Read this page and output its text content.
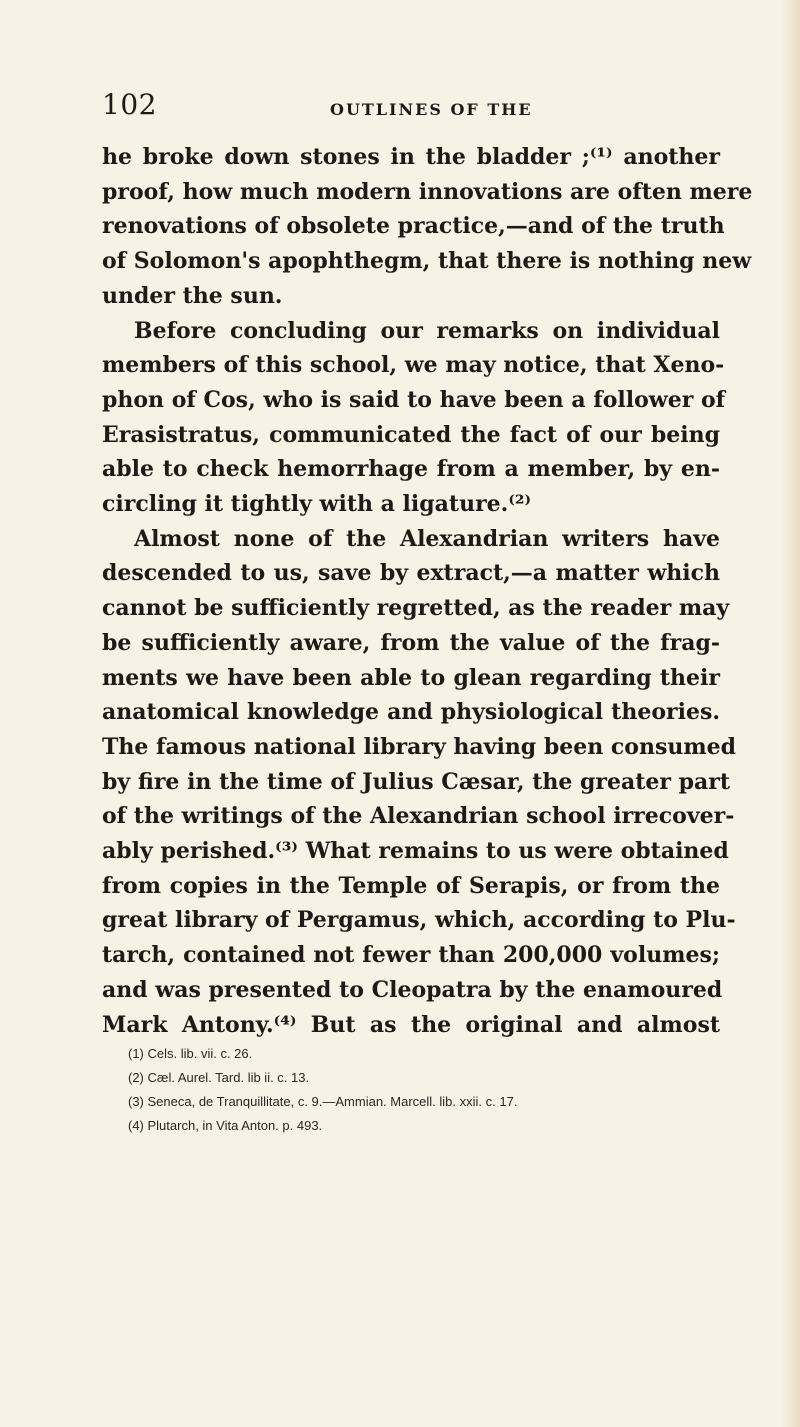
102	OUTLINES OF THE
he broke down stones in the bladder ;⁽¹⁾ another
proof, how much modern innovations are often mere
renovations of obsolete practice,—and of the truth
of Solomon's apophthegm, that there is nothing new
under the sun.
Before concluding our remarks on individual
members of this school, we may notice, that Xeno-
phon of Cos, who is said to have been a follower of
Erasistratus, communicated the fact of our being
able to check hemorrhage from a member, by en-
circling it tightly with a ligature.⁽²⁾
Almost none of the Alexandrian writers have
descended to us, save by extract,—a matter which
cannot be sufficiently regretted, as the reader may
be sufficiently aware, from the value of the frag-
ments we have been able to glean regarding their
anatomical knowledge and physiological theories.
The famous national library having been consumed
by fire in the time of Julius Cæsar, the greater part
of the writings of the Alexandrian school irrecover-
ably perished.⁽³⁾ What remains to us were obtained
from copies in the Temple of Serapis, or from the
great library of Pergamus, which, according to Plu-
tarch, contained not fewer than 200,000 volumes;
and was presented to Cleopatra by the enamoured
Mark Antony.⁽⁴⁾ But as the original and almost
(1) Cels. lib. vii. c. 26.
(2) Cæl. Aurel. Tard. lib ii. c. 13.
(3) Seneca, de Tranquillitate, c. 9.—Ammian. Marcell. lib. xxii. c. 17.
(4) Plutarch, in Vita Anton. p. 493.
